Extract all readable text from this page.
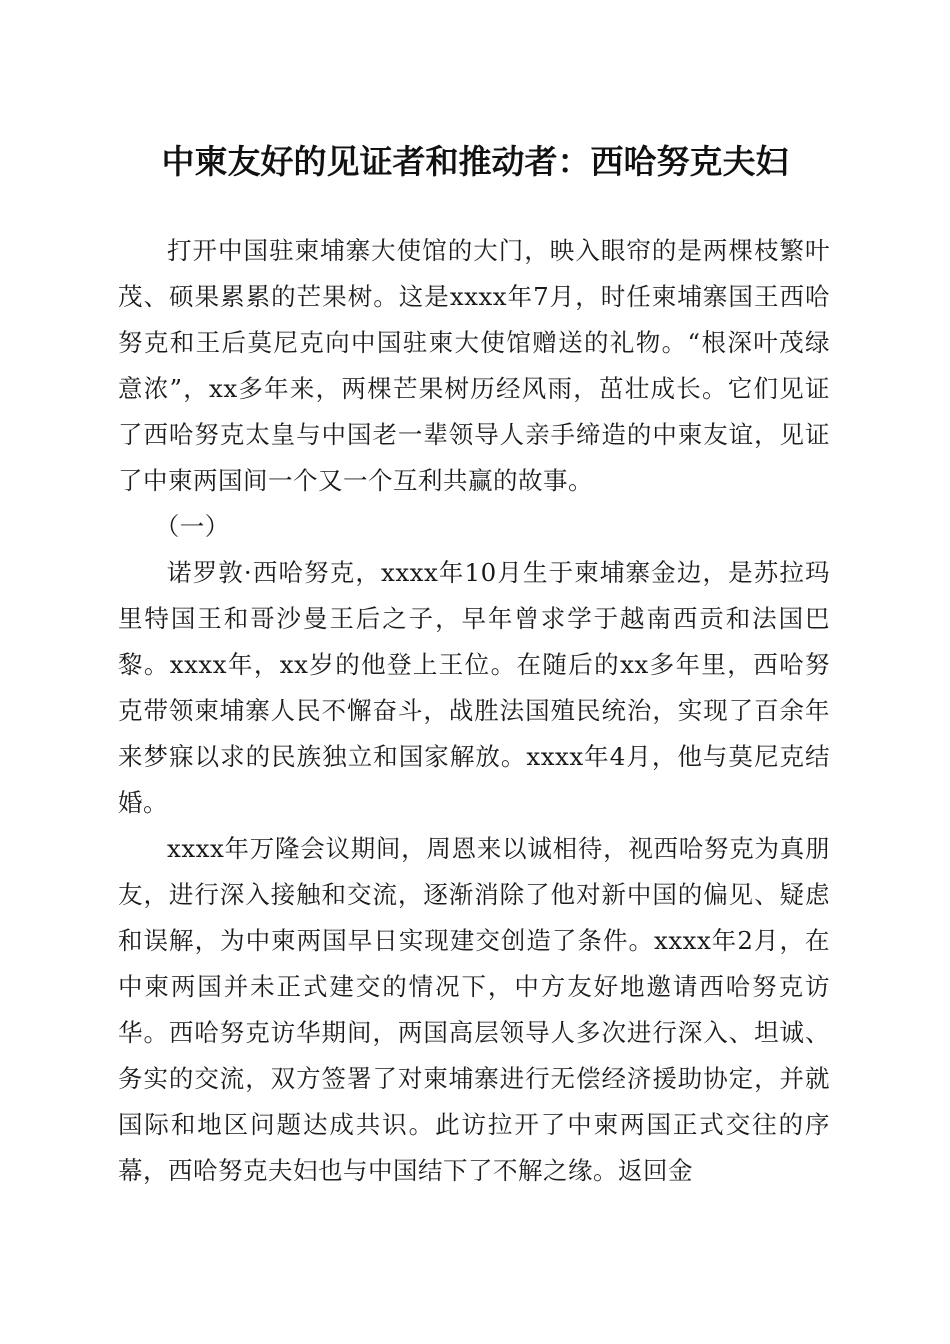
中柬友好的见证者和推动者：西哈努克夫妇

打开中国驻柬埔寨大使馆的大门，映入眼帘的是两棵枝繁叶茂、硕果累累的芒果树。这是xxxx年7月，时任柬埔寨国王西哈努克和王后莫尼克向中国驻柬大使馆赠送的礼物。“根深叶茂绿意浓”，xx多年来，两棵芒果树历经风雨，茁壮成长。它们见证了西哈努克太皇与中国老一辈领导人亲手缔造的中柬友谊，见证了中柬两国间一个又一个互利共赢的故事。

（一）

诺罗敦·西哈努克，xxxx年10月生于柬埔寨金边，是苏拉玛里特国王和哥沙曼王后之子，早年曾求学于越南西贡和法国巴黎。xxxx年，xx岁的他登上王位。在随后的xx多年里，西哈努克带领柬埔寨人民不懈奋斗，战胜法国殖民统治，实现了百余年来梦寐以求的民族独立和国家解放。xxxx年4月，他与莫尼克结婚。

xxxx年万隆会议期间，周恩来以诚相待，视西哈努克为真朋友，进行深入接触和交流，逐渐消除了他对新中国的偏见、疑虑和误解，为中柬两国早日实现建交创造了条件。xxxx年2月，在中柬两国并未正式建交的情况下，中方友好地邀请西哈努克访华。西哈努克访华期间，两国高层领导人多次进行深入、坦诚、务实的交流，双方签署了对柬埔寨进行无偿经济援助协定，并就国际和地区问题达成共识。此访拉开了中柬两国正式交往的序幕，西哈努克夫妇也与中国结下了不解之缘。返回金
